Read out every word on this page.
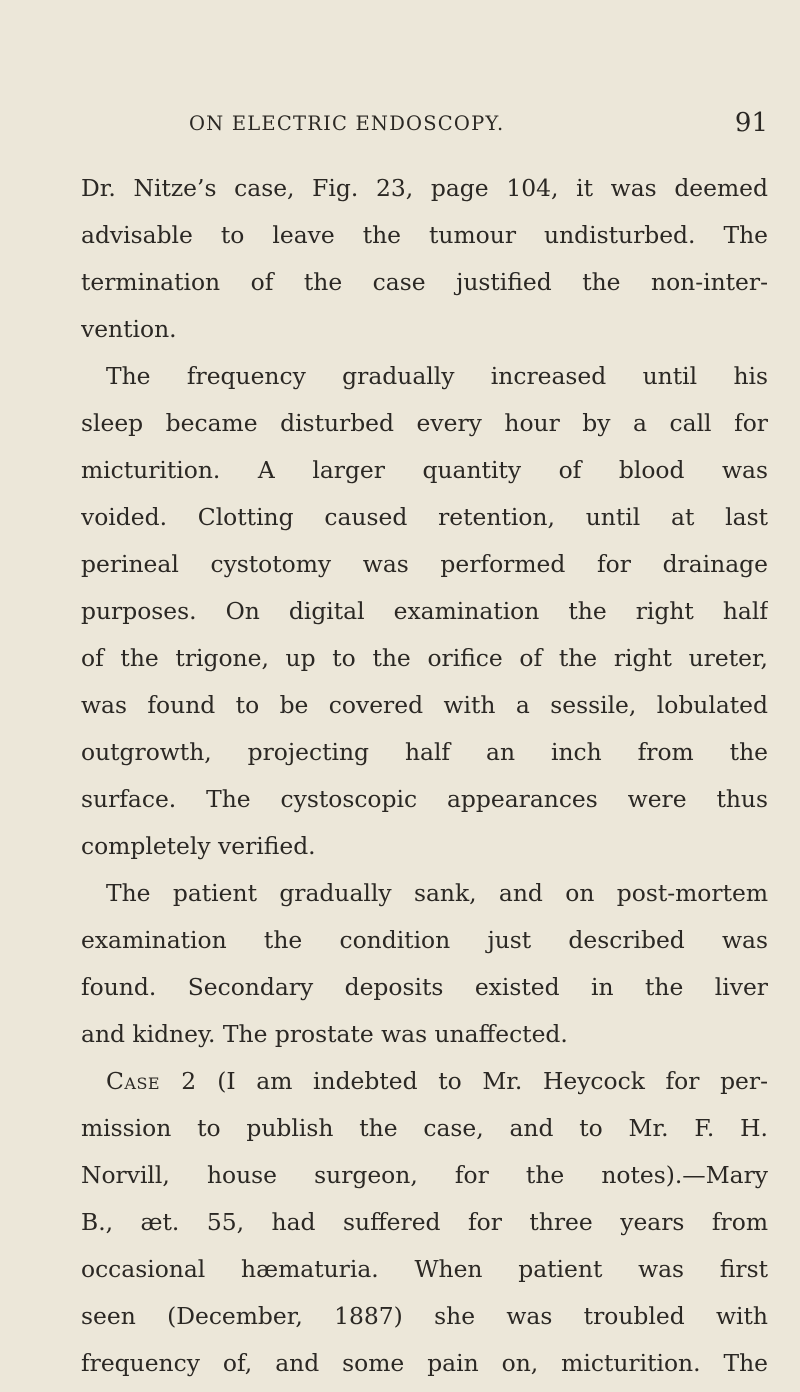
ON ELECTRIC ENDOSCOPY.	91

Dr. Nitze’s case, Fig. 23, page 104, it was deemed
advisable to leave the tumour undisturbed. The
termination of the case justified the non-inter-
vention.

The frequency gradually increased until his
sleep became disturbed every hour by a call for
micturition. A larger quantity of blood was
voided. Clotting caused retention, until at last
perineal cystotomy was performed for drainage
purposes. On digital examination the right half
of the trigone, up to the orifice of the right ureter,
was found to be covered with a sessile, lobulated
outgrowth, projecting half an inch from the
surface. The cystoscopic appearances were thus
completely verified.

The patient gradually sank, and on post-mortem
examination the condition just described was
found. Secondary deposits existed in the liver
and kidney. The prostate was unaffected.

Case 2 (I am indebted to Mr. Heycock for per-
mission to publish the case, and to Mr. F. H.
Norvill, house surgeon, for the notes).—Mary
B., æt. 55, had suffered for three years from
occasional hæmaturia. When patient was first
seen (December, 1887) she was troubled with
frequency of, and some pain on, micturition. The
